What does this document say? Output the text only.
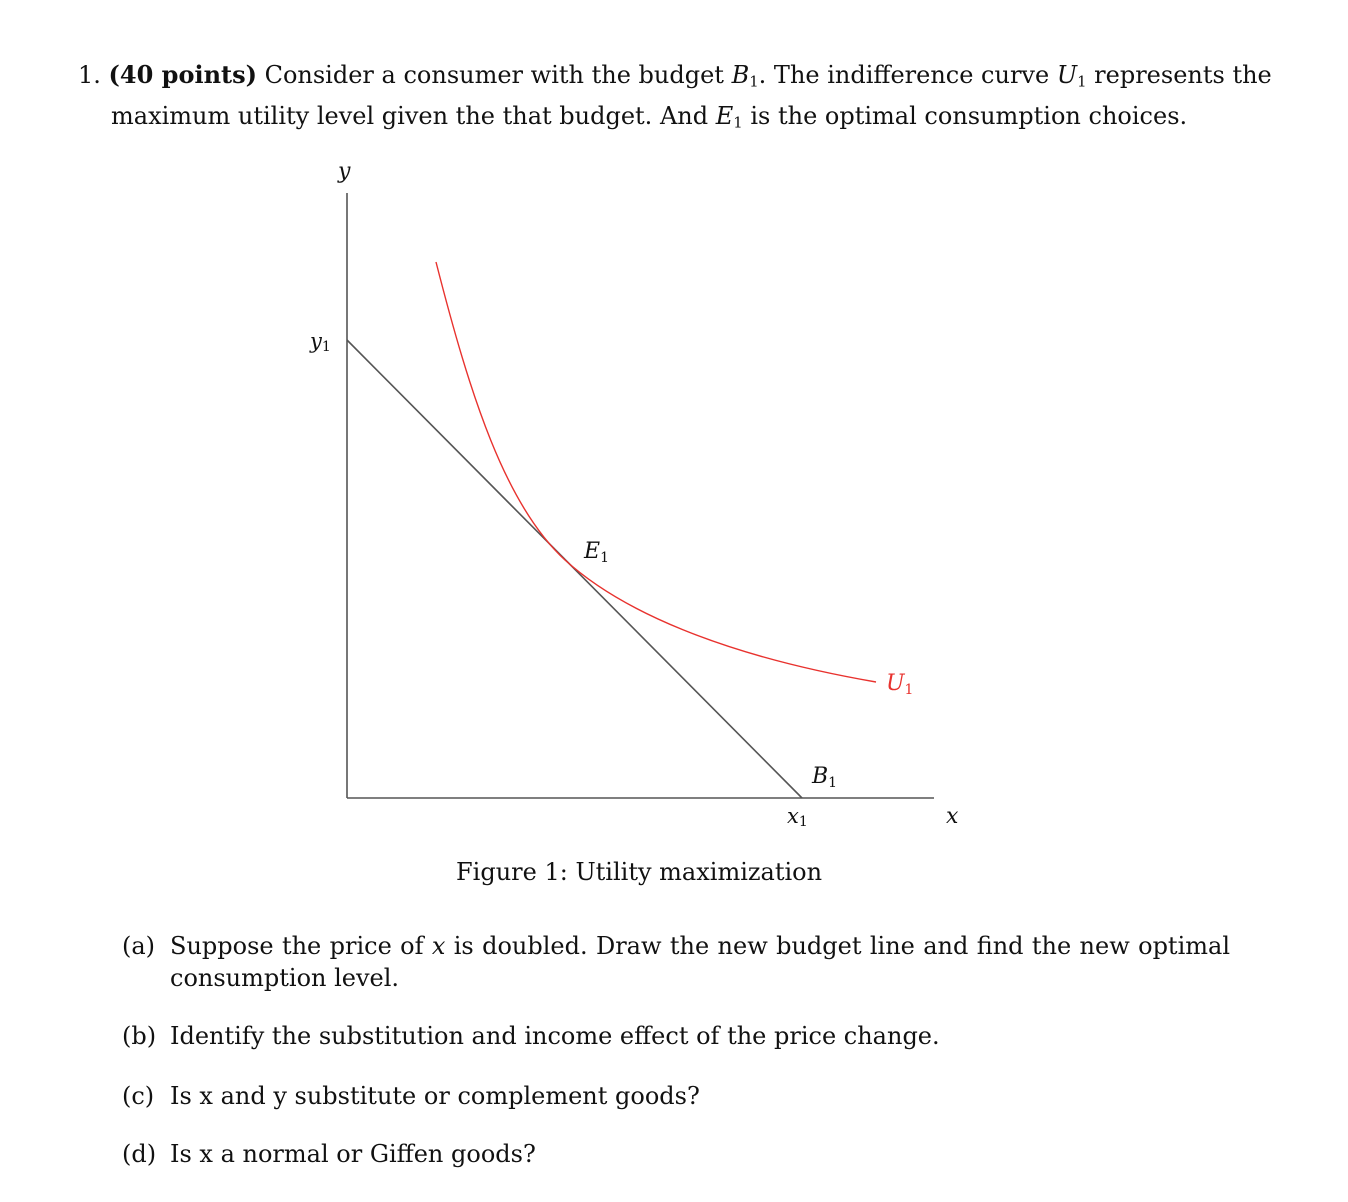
1. (40 points) Consider a consumer with the budget $B_1$. The indifference curve $U_1$ represents the
maximum utility level given the that budget. And $E_1$ is the optimal consumption choices.
y
x
y1
x1
E1
U1
B1
Figure 1: Utility maximization
(a) Suppose the price of x is doubled. Draw the new budget line and find the new optimal
consumption level.
(b) Identify the substitution and income effect of the price change.
(c) Is x and y substitute or complement goods?
(d) Is x a normal or Giffen goods?
